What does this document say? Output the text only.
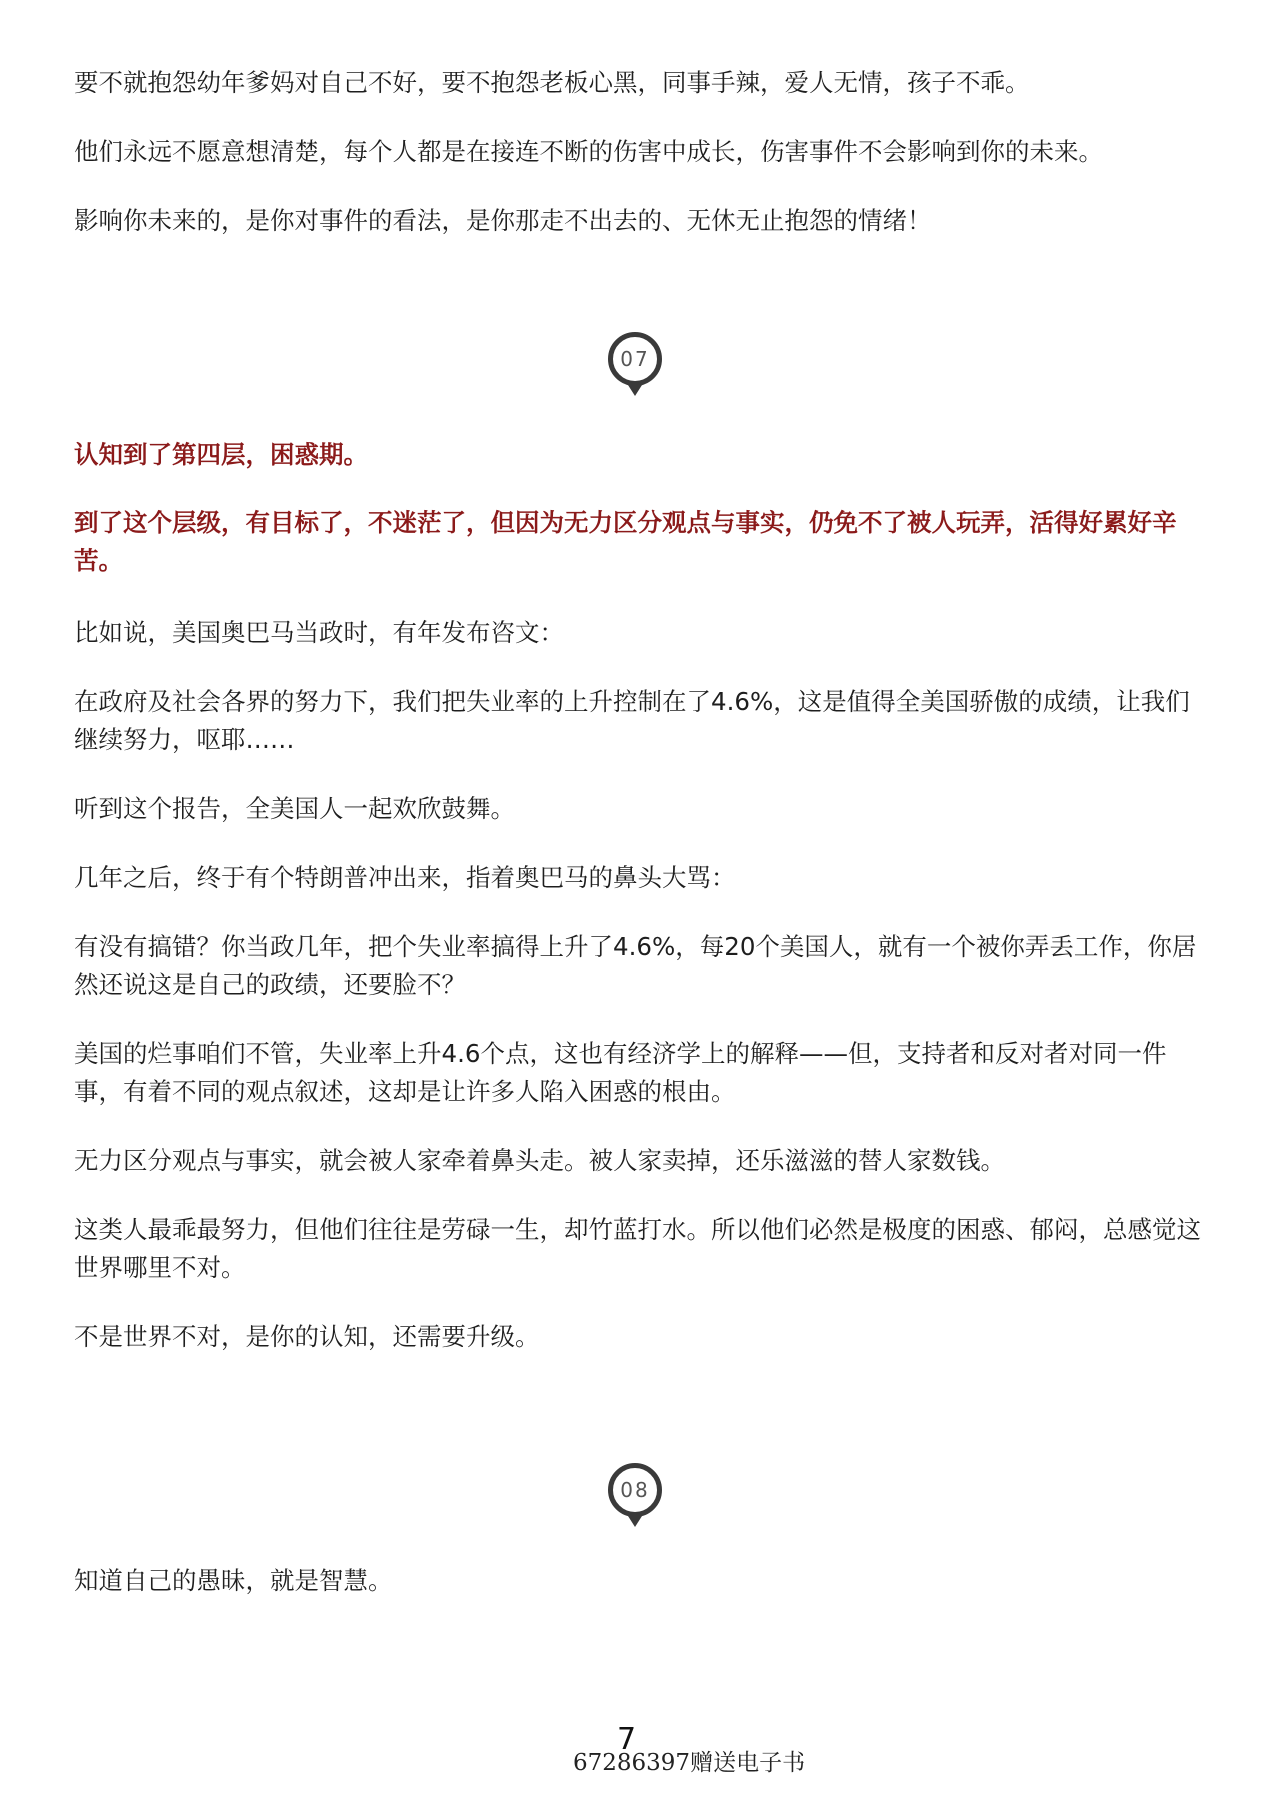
要不就抱怨幼年爹妈对自己不好，要不抱怨老板心黑，同事手辣，爱人无情，孩子不乖。

他们永远不愿意想清楚，每个人都是在接连不断的伤害中成长，伤害事件不会影响到你的未来。

影响你未来的，是你对事件的看法，是你那走不出去的、无休无止抱怨的情绪！

07

认知到了第四层，困惑期。

到了这个层级，有目标了，不迷茫了，但因为无力区分观点与事实，仍免不了被人玩弄，活得好累好辛苦。

比如说，美国奥巴马当政时，有年发布咨文：

在政府及社会各界的努力下，我们把失业率的上升控制在了4.6%，这是值得全美国骄傲的成绩，让我们继续努力，呕耶……

听到这个报告，全美国人一起欢欣鼓舞。

几年之后，终于有个特朗普冲出来，指着奥巴马的鼻头大骂：

有没有搞错？你当政几年，把个失业率搞得上升了4.6%，每20个美国人，就有一个被你弄丢工作，你居然还说这是自己的政绩，还要脸不？

美国的烂事咱们不管，失业率上升4.6个点，这也有经济学上的解释——但，支持者和反对者对同一件事，有着不同的观点叙述，这却是让许多人陷入困惑的根由。

无力区分观点与事实，就会被人家牵着鼻头走。被人家卖掉，还乐滋滋的替人家数钱。

这类人最乖最努力，但他们往往是劳碌一生，却竹蓝打水。所以他们必然是极度的困惑、郁闷，总感觉这世界哪里不对。

不是世界不对，是你的认知，还需要升级。

08

知道自己的愚昧，就是智慧。

7
67286397赠送电子书
